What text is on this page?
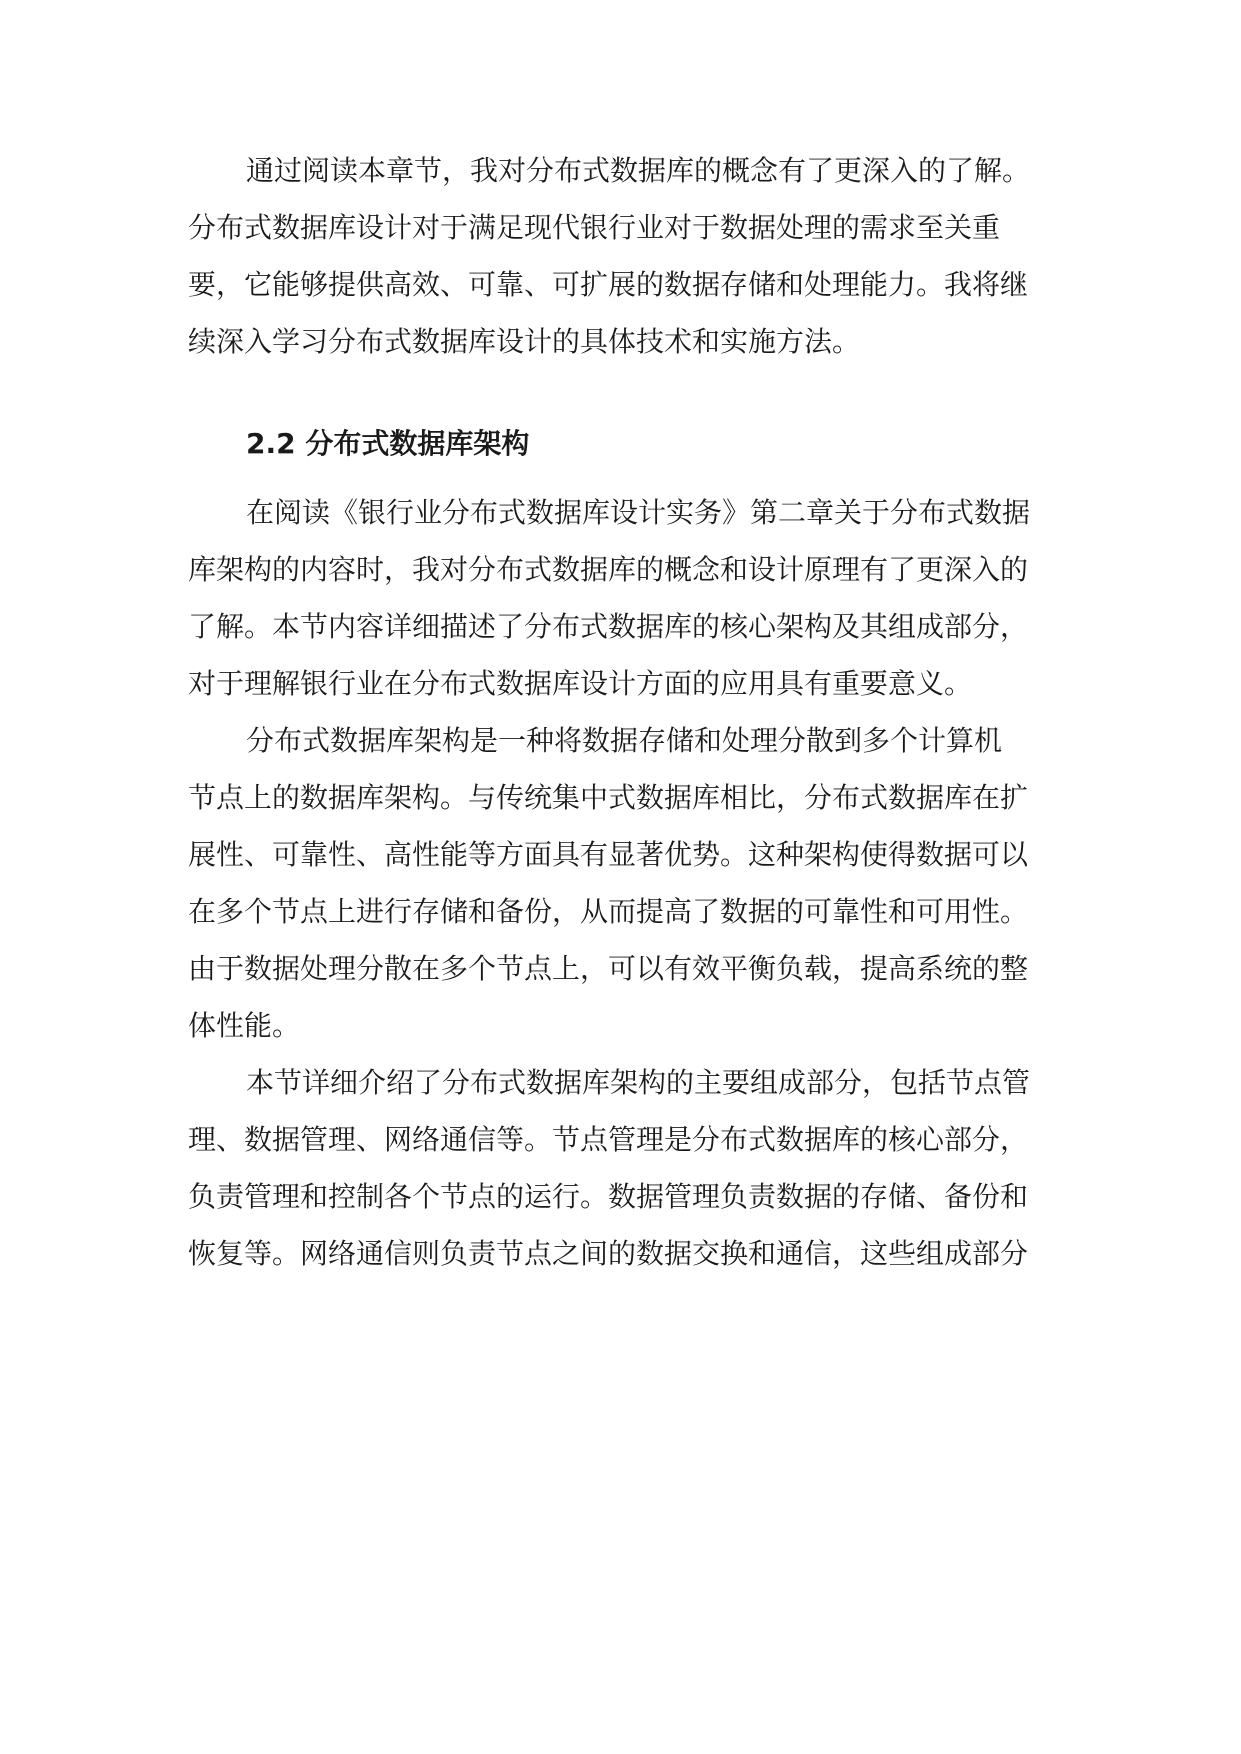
通过阅读本章节，我对分布式数据库的概念有了更深入的了解。
分布式数据库设计对于满足现代银行业对于数据处理的需求至关重
要，它能够提供高效、可靠、可扩展的数据存储和处理能力。我将继
续深入学习分布式数据库设计的具体技术和实施方法。
2.2 分布式数据库架构
在阅读《银行业分布式数据库设计实务》第二章关于分布式数据
库架构的内容时，我对分布式数据库的概念和设计原理有了更深入的
了解。本节内容详细描述了分布式数据库的核心架构及其组成部分，
对于理解银行业在分布式数据库设计方面的应用具有重要意义。
分布式数据库架构是一种将数据存储和处理分散到多个计算机
节点上的数据库架构。与传统集中式数据库相比，分布式数据库在扩
展性、可靠性、高性能等方面具有显著优势。这种架构使得数据可以
在多个节点上进行存储和备份，从而提高了数据的可靠性和可用性。
由于数据处理分散在多个节点上，可以有效平衡负载，提高系统的整
体性能。
本节详细介绍了分布式数据库架构的主要组成部分，包括节点管
理、数据管理、网络通信等。节点管理是分布式数据库的核心部分，
负责管理和控制各个节点的运行。数据管理负责数据的存储、备份和
恢复等。网络通信则负责节点之间的数据交换和通信，这些组成部分
